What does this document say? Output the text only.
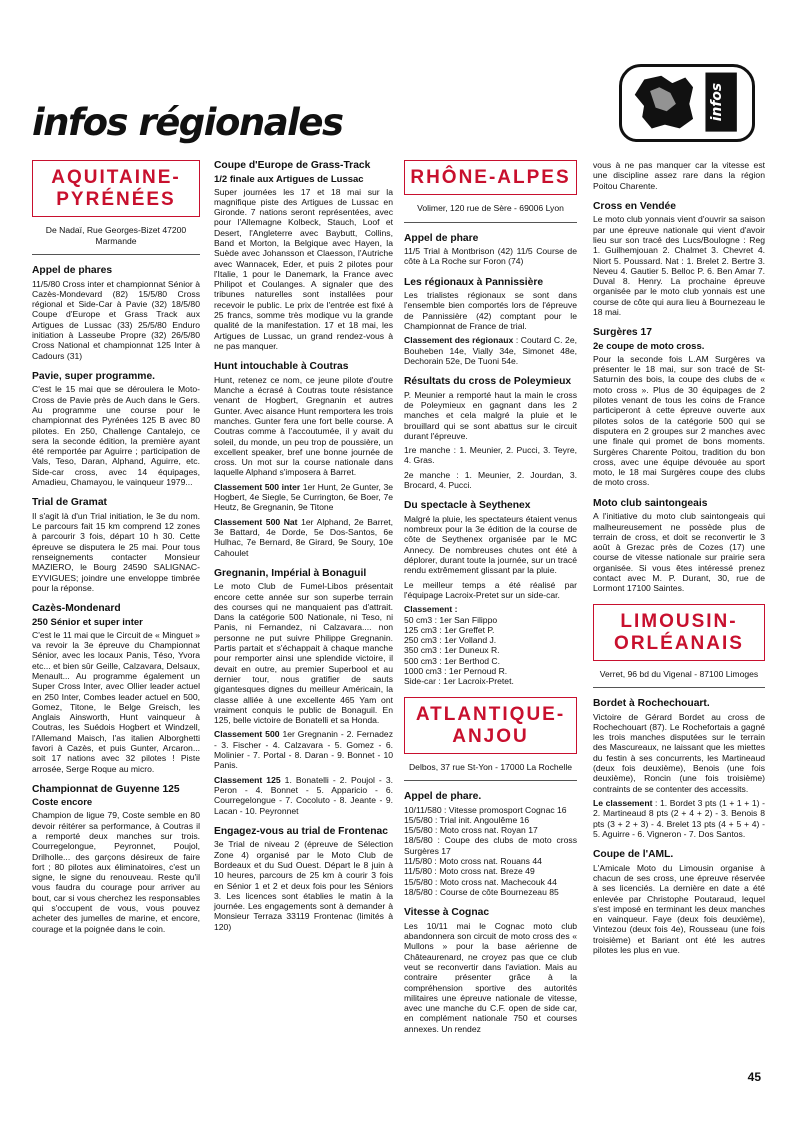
infos
infos régionales
AQUITAINE-PYRÉNÉES
De Nadaï, Rue Georges-Bizet 47200 Marmande
Appel de phares

11/5/80 Cross inter et championnat Sénior à Cazès-Mondevard (82) 15/5/80 Cross régional et Side-Car à Pavie (32) 18/5/80 Coupe d'Europe et Grass Track aux Artigues de Lussac (33) 25/5/80 Enduro initiation à Lasseube Propre (32) 26/5/80 Cross National et championnat 125 Inter à Cadours (31)

Pavie, super programme.

C'est le 15 mai que se déroulera le Moto-Cross de Pavie près de Auch dans le Gers. Au programme une course pour le championnat des Pyrénées 125 B avec 80 pilotes. En 250, Challenge Cantalejo, ce sera la seconde édition, la première ayant été remportée par Aguirre ; participation de Vals, Teso, Daran, Alphand, Aguirre, etc. Side-car cross, avec 14 équipages, Amadieu, Chamayou, le vainqueur 1979...

Trial de Gramat

Il s'agit là d'un Trial initiation, le 3e du nom. Le parcours fait 15 km comprend 12 zones à parcourir 3 fois, départ 10 h 30. Cette épreuve se disputera le 25 mai. Pour tous renseignements contacter Monsieur MAZIERO, le Bourg 24590 SALIGNAC-EYVIGUES; joindre une enveloppe timbrée pour la réponse.

Cazès-Mondenard
250 Sénior et super inter

C'est le 11 mai que le Circuit de « Minguet » va revoir la 3e épreuve du Championnat Sénior, avec les locaux Panis, Téso, Yvora etc... et bien sûr Geille, Calzavara, Delsaux, Menault... Au programme également un Super Cross Inter, avec Ollier leader actuel en 250 Inter, Combes leader actuel en 500, Gomez, Titone, le Belge Greisch, les Anglais Ainsworth, Hunt vainqueur à Coutras, les Suédois Hogbert et Windzell, l'Allemand Maisch, l'as italien Alborghetti favori à Cazès, et puis Gunter, Arcaron... soit 17 nations avec 32 pilotes ! Piste arrosée, Serge Roque au micro.

Championnat de Guyenne 125
Coste encore

Champion de ligue 79, Coste semble en 80 devoir réitérer sa performance, à Coutras il a remporté deux manches sur trois. Courregelongue, Peyronnet, Poujol, Drilholle... des garçons désireux de faire fort ; 80 pilotes aux éliminatoires, c'est un signe, le signe du renouveau. Reste qu'il vous faudra du courage pour arriver au bout, car si vous cherchez les responsables qui s'occupent de vous, vous pouvez acheter des jumelles de marine, et encore, courage et la poignée dans le coin.

Coupe d'Europe de Grass-Track
1/2 finale aux Artigues de Lussac

Super journées les 17 et 18 mai sur la magnifique piste des Artigues de Lussac en Gironde. 7 nations seront représentées, avec pour l'Allemagne Kolbeck, Stauch, Loof et Desert, l'Angleterre avec Baybutt, Collins, Band et Morton, la Belgique avec Hayen, la Suède avec Johansson et Claesson, l'Autriche avec Wannacek, Eder, et puis 2 pilotes pour l'Italie, 1 pour le Danemark, la France avec Philipot et Coulanges. A signaler que des tribunes naturelles sont installées pour recevoir le public. Le prix de l'entrée est fixé à 25 francs, somme très modique vu la grande qualité de la manifestation. 17 et 18 mai, les Artigues de Lussac, un grand rendez-vous à ne pas manquer.

Hunt intouchable à Coutras

Hunt, retenez ce nom, ce jeune pilote d'outre Manche a écrasé à Coutras toute résistance venant de Hogbert, Gregnanin et autres Gunter. Avec aisance Hunt remportera les trois manches. Gunter fera une fort belle course. A Coutras comme à l'accoutumée, il y avait du soleil, du monde, un peu trop de poussière, un excellent speaker, bref une bonne journée de cross. Un mot sur la course nationale dans laquelle Alphand s'imposera à Barret.

Classement 500 inter 1er Hunt, 2e Gunter, 3e Hogbert, 4e Siegle, 5e Currington, 6e Boer, 7e Heutz, 8e Gregnanin, 9e Titone

Classement 500 Nat 1er Alphand, 2e Barret, 3e Battard, 4e Dorde, 5e Dos-Santos, 6e Hulhac, 7e Bernard, 8e Girard, 9e Soury, 10e Cahoulet

Gregnanin, Impérial à Bonaguil

Le moto Club de Fumel-Libos présentait encore cette année sur son superbe terrain des courses qui ne manquaient pas d'attrait. Dans la catégorie 500 Nationale, ni Teso, ni Panis, ni Fernandez, ni Calzavara.... non personne ne put suivre Philippe Gregnanin. Partis partait et s'échappait à chaque manche pour remporter ainsi une splendide victoire, il devait en outre, au premier Superbool et au dernier tour, nous gratifier de sauts gigantesques dignes du meilleur Américain, la classe alliée à une excellente 465 Yam ont vraiment conquis le public de Bonaguil. En 125, belle victoire de Bonatelli et sa Honda.

Classement 500 1er Gregnanin - 2. Fernadez - 3. Fischer - 4. Calzavara - 5. Gomez - 6. Molinier - 7. Portal - 8. Daran - 9. Bonnet - 10 Panis.

Classement 125 1. Bonatelli - 2. Poujol - 3. Peron - 4. Bonnet - 5. Apparicio - 6. Courregelongue - 7. Cocoluto - 8. Jeante - 9. Lacan - 10. Peyronnet

Engagez-vous au trial de Frontenac

3e Trial de niveau 2 (épreuve de Sélection Zone 4) organisé par le Moto Club de Bordeaux et du Sud Ouest. Départ le 8 juin à 10 heures, parcours de 25 km à courir 3 fois en Sénior 1 et 2 et deux fois pour les Séniors 3. Les licences sont établies le matin à la journée. Les engagements sont à demander à Monsieur Terraza 33119 Frontenac (limités à 120)

RHÔNE-ALPES
Volimer, 120 rue de Sère - 69006 Lyon
Appel de phare

11/5 Trial à Montbrison (42) 11/5 Course de côte à La Roche sur Foron (74)

Les régionaux à Pannissière

Les trialistes régionaux se sont dans l'ensemble bien comportés lors de l'épreuve de Pannissière (42) comptant pour le Championnat de France de trial.

Classement des régionaux : Coutard C. 2e, Bouheben 14e, Vially 34e, Simonet 48e, Dechorain 52e, De Tuoni 54e.

Résultats du cross de Poleymieux

P. Meunier a remporté haut la main le cross de Poleymieux en gagnant dans les 2 manches et cela malgré la pluie et le brouillard qui se sont abattus sur le circuit durant l'épreuve.

1re manche : 1. Meunier, 2. Pucci, 3. Teyre, 4. Gras.

2e manche : 1. Meunier, 2. Jourdan, 3. Brocard, 4. Pucci.

Du spectacle à Seythenex

Malgré la pluie, les spectateurs étaient venus nombreux pour la 3e édition de la course de côte de Seythenex organisée par le MC Annecy. De nombreuses chutes ont été à déplorer, durant toute la journée, sur un tracé rendu extrêmement glissant par la pluie.

Le meilleur temps a été réalisé par l'équipage Lacroix-Pretet sur un side-car.

Classement :
50 cm3 : 1er San Filippo
125 cm3 : 1er Greffet P.
250 cm3 : 1er Volland J.
350 cm3 : 1er Duneux R.
500 cm3 : 1er Berthod C.
1000 cm3 : 1er Pernoud R.
Side-car : 1er Lacroix-Pretet.
ATLANTIQUE-ANJOU
Delbos, 37 rue St-Yon - 17000 La Rochelle
Appel de phare.
10/11/580 : Vitesse promosport Cognac 16
15/5/80 : Trial init. Angoulême 16
15/5/80 : Moto cross nat. Royan 17
18/5/80 : Coupe des clubs de moto cross Surgères 17
11/5/80 : Moto cross nat. Rouans 44
11/5/80 : Moto cross nat. Breze 49
15/5/80 : Moto cross nat. Machecouk 44
18/5/80 : Course de côte Bournezeau 85
Vitesse à Cognac

Les 10/11 mai le Cognac moto club abandonnera son circuit de moto cross des « Mullons » pour la base aérienne de Châteaurenard, ne croyez pas que ce club veut se reconvertir dans l'aviation. Mais au contraire présenter grâce à la compréhension sportive des autorités militaires une épreuve nationale de vitesse, avec une manche du C.F. open de side car, en complément nationale 750 et courses annexes. Un rendez

vous à ne pas manquer car la vitesse est une discipline assez rare dans la région Poitou Charente.

Cross en Vendée

Le moto club yonnais vient d'ouvrir sa saison par une épreuve nationale qui vient d'avoir lieu sur son tracé des Lucs/Boulogne : Reg 1. Guilhemjouan 2. Chalmet 3. Chevret 4. Niort 5. Poussard. Nat : 1. Brelet 2. Bertre 3. Neveu 4. Gautier 5. Belloc P. 6. Ben Amar 7. Duval 8. Henry. La prochaine épreuve organisée par le moto club yonnais est une course de côte qui aura lieu à Bournezeau le 18 mai.

Surgères 17
2e coupe de moto cross.

Pour la seconde fois L.AM Surgères va présenter le 18 mai, sur son tracé de St-Saturnin des bois, la coupe des clubs de « moto cross ». Plus de 30 équipages de 2 pilotes venant de tous les coins de France participeront à cette épreuve ouverte aux pilotes solos de la catégorie 500 qui se disputera en 2 groupes sur 2 manches avec une finale qui promet de bons moments. Surgères Charente Poitou, tradition du bon cross, avec une équipe dévouée au sport moto, le 18 mai Surgères coupe des clubs de moto cross.

Moto club saintongeais

A l'initiative du moto club saintongeais qui malheureusement ne possède plus de terrain de cross, et doit se reconvertir le 3 août à Grezac près de Cozes (17) une course de vitesse nationale sur prairie sera organisée. Si vous êtes intéressé prenez contact avec M. P. Durant, 30, rue de Lormont 17100 Saintes.

LIMOUSIN-ORLÉANAIS
Verret, 96 bd du Vigenal - 87100 Limoges
Bordet à Rochechouart.

Victoire de Gérard Bordet au cross de Rochechouart (87). Le Rochefortais a gagné les trois manches disputées sur le terrain des Mascureaux, ne laissant que les miettes du festin à ses concurrents, les Martineaud (deux fois deuxième), Benois (une fois deuxième), Roncin (une fois troisième) contraints de se contenter des accessits.

Le classement : 1. Bordet 3 pts (1 + 1 + 1) - 2. Martineaud 8 pts (2 + 4 + 2) - 3. Benois 8 pts (3 + 2 + 3) - 4. Brelet 13 pts (4 + 5 + 4) - 5. Aguirre - 6. Vigneron - 7. Dos Santos.

Coupe de l'AML.

L'Amicale Moto du Limousin organise à chacun de ses cross, une épreuve réservée à ses licenciés. La dernière en date a été enlevée par Christophe Poutaraud, lequel s'est imposé en terminant les deux manches en vainqueur. Faye (deux fois deuxième), Vintezou (deux fois 4e), Rousseau (une fois troisième) et Bariant ont été les autres pilotes les plus en vue.

45
